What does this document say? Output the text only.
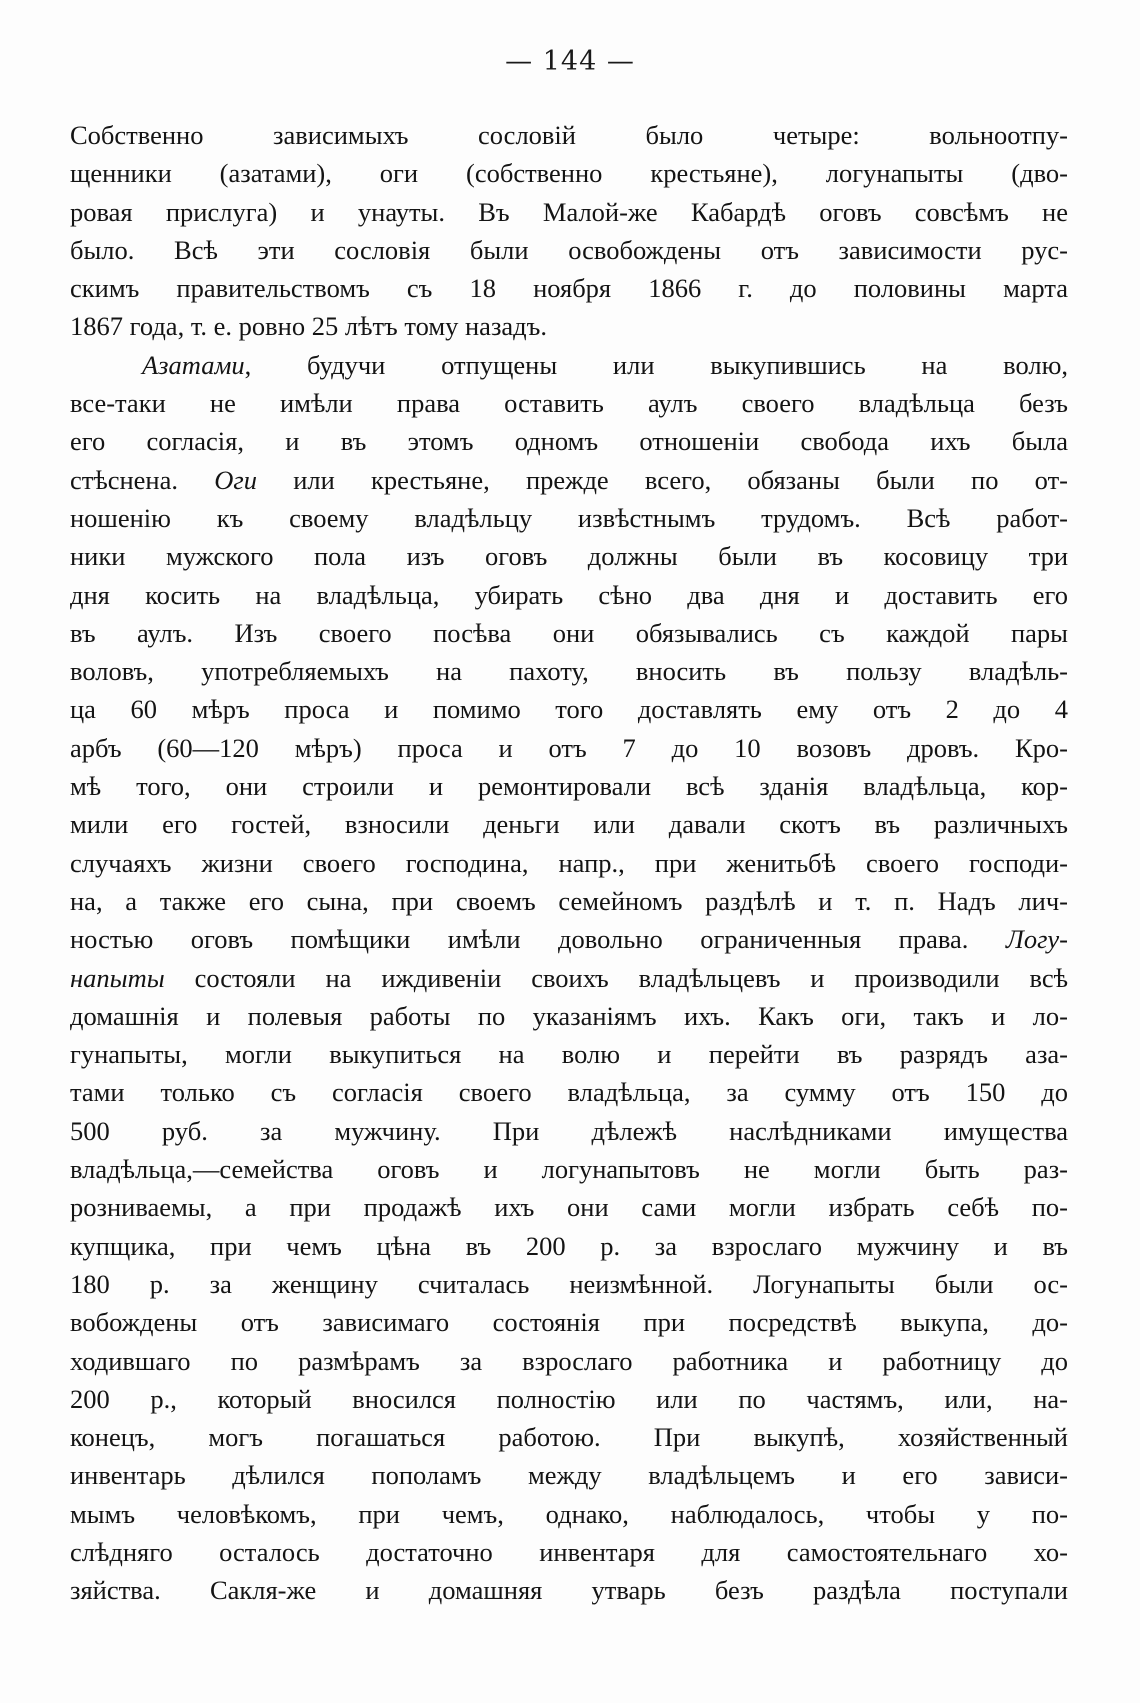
— 144 —
Собственно зависимыхъ сословій было четыре: вольноотпу-
щенники (азатами), оги (собственно крестьяне), логунапыты (дво-
ровая прислуга) и унауты. Въ Малой-же Кабардѣ оговъ совсѣмъ не
было. Всѣ эти сословія были освобождены отъ зависимости рус-
скимъ правительствомъ съ 18 ноября 1866 г. до половины марта
1867 года, т. е. ровно 25 лѣтъ тому назадъ.
Азатами, будучи отпущены или выкупившись на волю,
все-таки не имѣли права оставить аулъ своего владѣльца безъ
его согласія, и въ этомъ одномъ отношеніи свобода ихъ была
стѣснена. Оги или крестьяне, прежде всего, обязаны были по от-
ношенію къ своему владѣльцу извѣстнымъ трудомъ. Всѣ работ-
ники мужского пола изъ оговъ должны были въ косовицу три
дня косить на владѣльца, убирать сѣно два дня и доставить его
въ аулъ. Изъ своего посѣва они обязывались съ каждой пары
воловъ, употребляемыхъ на пахоту, вносить въ пользу владѣль-
ца 60 мѣръ проса и помимо того доставлять ему отъ 2 до 4
арбъ (60—120 мѣръ) проса и отъ 7 до 10 возовъ дровъ. Кро-
мѣ того, они строили и ремонтировали всѣ зданія владѣльца, кор-
мили его гостей, взносили деньги или давали скотъ въ различныхъ
случаяхъ жизни своего господина, напр., при женитьбѣ своего господи-
на, а также его сына, при своемъ семейномъ раздѣлѣ и т. п. Надъ лич-
ностью оговъ помѣщики имѣли довольно ограниченныя права. Логу-
напыты состояли на иждивеніи своихъ владѣльцевъ и производили всѣ
домашнія и полевыя работы по указаніямъ ихъ. Какъ оги, такъ и ло-
гунапыты, могли выкупиться на волю и перейти въ разрядъ аза-
тами только съ согласія своего владѣльца, за сумму отъ 150 до
500 руб. за мужчину. При дѣлежѣ наслѣдниками имущества
владѣльца,—семейства оговъ и логунапытовъ не могли быть раз-
розниваемы, а при продажѣ ихъ они сами могли избрать себѣ по-
купщика, при чемъ цѣна въ 200 р. за взрослаго мужчину и въ
180 р. за женщину считалась неизмѣнной. Логунапыты были ос-
вобождены отъ зависимаго состоянія при посредствѣ выкупа, до-
ходившаго по размѣрамъ за взрослаго работника и работницу до
200 р., который вносился полностію или по частямъ, или, на-
конецъ, могъ погашаться работою. При выкупѣ, хозяйственный
инвентарь дѣлился пополамъ между владѣльцемъ и его зависи-
мымъ человѣкомъ, при чемъ, однако, наблюдалось, чтобы у по-
слѣдняго осталось достаточно инвентаря для самостоятельнаго хо-
зяйства. Сакля-же и домашняя утварь безъ раздѣла поступали
